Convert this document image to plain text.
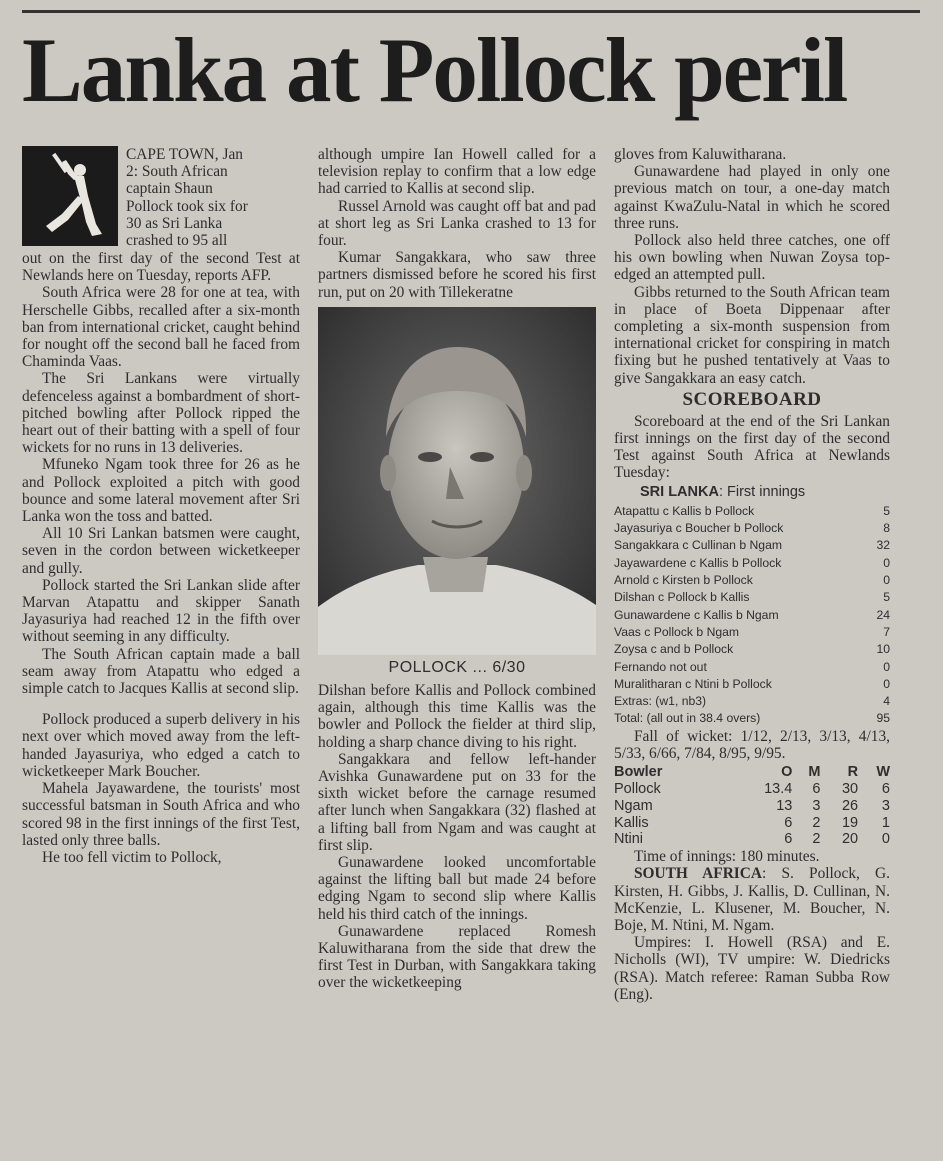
Lanka at Pollock peril

CAPE TOWN, Jan
2: South African
captain Shaun
Pollock took six for
30 as Sri Lanka
crashed to 95 all

out on the first day of the second Test at Newlands here on Tuesday, reports AFP.

South Africa were 28 for one at tea, with Herschelle Gibbs, recalled after a six-month ban from international cricket, caught behind for nought off the second ball he faced from Chaminda Vaas.

The Sri Lankans were virtually defenceless against a bombardment of short-pitched bowling after Pollock ripped the heart out of their batting with a spell of four wickets for no runs in 13 deliveries.

Mfuneko Ngam took three for 26 as he and Pollock exploited a pitch with good bounce and some lateral movement after Sri Lanka won the toss and batted.

All 10 Sri Lankan batsmen were caught, seven in the cordon between wicketkeeper and gully.

Pollock started the Sri Lankan slide after Marvan Atapattu and skipper Sanath Jayasuriya had reached 12 in the fifth over without seeming in any difficulty.

The South African captain made a ball seam away from Atapattu who edged a simple catch to Jacques Kallis at second slip.

Pollock produced a superb delivery in his next over which moved away from the left-handed Jayasuriya, who edged a catch to wicketkeeper Mark Boucher.

Mahela Jayawardene, the tourists' most successful batsman in South Africa and who scored 98 in the first innings of the first Test, lasted only three balls.

He too fell victim to Pollock,

although umpire Ian Howell called for a television replay to confirm that a low edge had carried to Kallis at second slip.

Russel Arnold was caught off bat and pad at short leg as Sri Lanka crashed to 13 for four.

Kumar Sangakkara, who saw three partners dismissed before he scored his first run, put on 20 with Tillekeratne

POLLOCK ... 6/30

Dilshan before Kallis and Pollock combined again, although this time Kallis was the bowler and Pollock the fielder at third slip, holding a sharp chance diving to his right.

Sangakkara and fellow left-hander Avishka Gunawardene put on 33 for the sixth wicket before the carnage resumed after lunch when Sangakkara (32) flashed at a lifting ball from Ngam and was caught at first slip.

Gunawardene looked uncomfortable against the lifting ball but made 24 before edging Ngam to second slip where Kallis held his third catch of the innings.

Gunawardene replaced Romesh Kaluwitharana from the side that drew the first Test in Durban, with Sangakkara taking over the wicketkeeping

gloves from Kaluwitharana.

Gunawardene had played in only one previous match on tour, a one-day match against KwaZulu-Natal in which he scored three runs.

Pollock also held three catches, one off his own bowling when Nuwan Zoysa top-edged an attempted pull.

Gibbs returned to the South African team in place of Boeta Dippenaar after completing a six-month suspension from international cricket for conspiring in match fixing but he pushed tentatively at Vaas to give Sangakkara an easy catch.

SCOREBOARD

Scoreboard at the end of the Sri Lankan first innings on the first day of the second Test against South Africa at Newlands Tuesday:

SRI LANKA: First innings
Atapattu c Kallis b Pollock	5
Jayasuriya c Boucher b Pollock	8
Sangakkara c Cullinan b Ngam	32
Jayawardene c Kallis b Pollock	0
Arnold c Kirsten b Pollock	0
Dilshan c Pollock b Kallis	5
Gunawardene c Kallis b Ngam	24
Vaas c Pollock b Ngam	7
Zoysa c and b Pollock	10
Fernando not out	0
Muralitharan c Ntini b Pollock	0
Extras: (w1, nb3)	4
Total: (all out in 38.4 overs)	95

Fall of wicket: 1/12, 2/13, 3/13, 4/13, 5/33, 6/66, 7/84, 8/95, 9/95.

Bowler	O	M	R	W
Pollock	13.4	6	30	6
Ngam	13	3	26	3
Kallis	6	2	19	1
Ntini	6	2	20	0

Time of innings: 180 minutes.

SOUTH AFRICA: S. Pollock, G. Kirsten, H. Gibbs, J. Kallis, D. Cullinan, N. McKenzie, L. Klusener, M. Boucher, N. Boje, M. Ntini, M. Ngam.

Umpires: I. Howell (RSA) and E. Nicholls (WI), TV umpire: W. Diedricks (RSA). Match referee: Raman Subba Row (Eng).
